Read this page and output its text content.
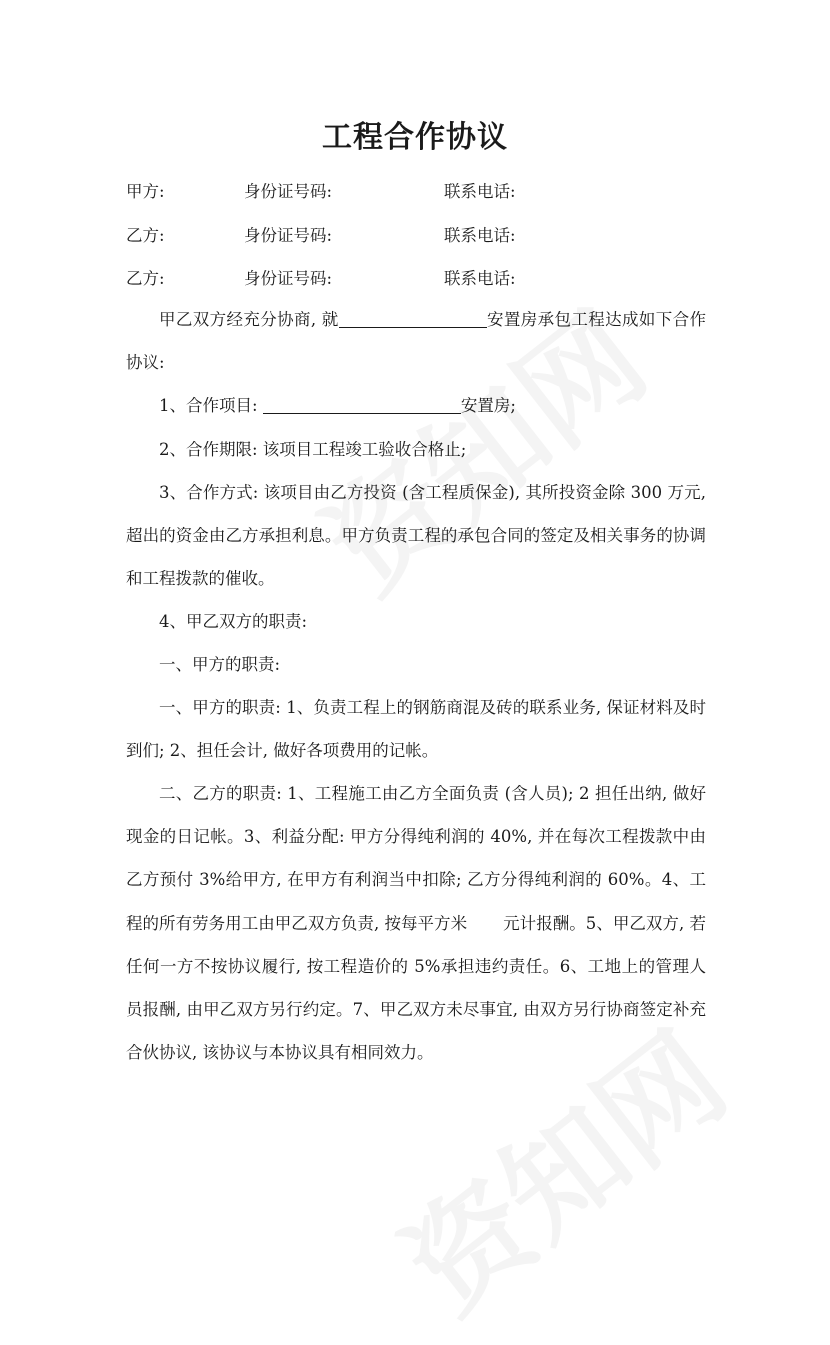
工程合作协议
甲方:	身份证号码:	联系电话:
乙方:	身份证号码:	联系电话:
乙方:	身份证号码:	联系电话:

甲乙双方经充分协商, 就	安置房承包工程达成如下合作协议:

1、合作项目:	安置房;

2、合作期限: 该项目工程竣工验收合格止;

3、合作方式: 该项目由乙方投资 (含工程质保金), 其所投资金除 300 万元, 超出的资金由乙方承担利息。甲方负责工程的承包合同的签定及相关事务的协调和工程拨款的催收。

4、甲乙双方的职责:

一、甲方的职责:

一、甲方的职责: 1、负责工程上的钢筋商混及砖的联系业务, 保证材料及时到们; 2、担任会计, 做好各项费用的记帐。

二、乙方的职责: 1、工程施工由乙方全面负责 (含人员); 2 担任出纳, 做好现金的日记帐。3、利益分配: 甲方分得纯利润的 40%, 并在每次工程拨款中由乙方预付 3%给甲方, 在甲方有利润当中扣除; 乙方分得纯利润的 60%。4、工程的所有劳务用工由甲乙双方负责, 按每平方米 元计报酬。5、甲乙双方, 若任何一方不按协议履行, 按工程造价的 5%承担违约责任。6、工地上的管理人员报酬, 由甲乙双方另行约定。7、甲乙双方未尽事宜, 由双方另行协商签定补充合伙协议, 该协议与本协议具有相同效力。
